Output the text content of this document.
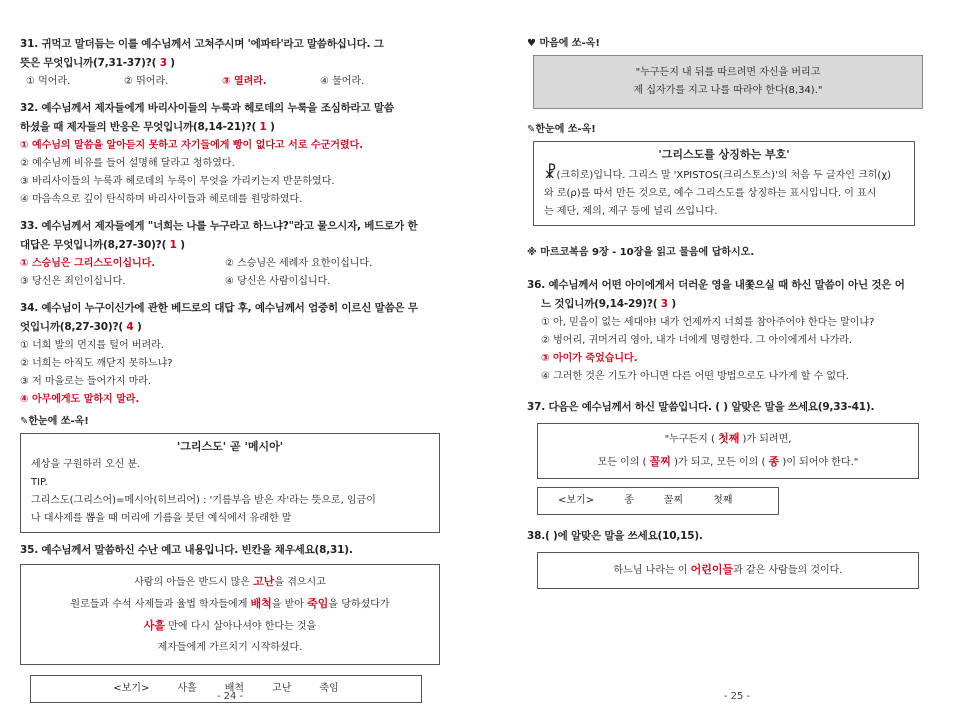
31. 귀먹고 말더듬는 이를 예수님께서 고쳐주시며 '에파타'라고 말씀하십니다. 그
뜻은 무엇입니까(7,31-37)?( 3 )
① 먹어라.	② 뛰어라.	③ 열려라.	④ 물어라.
32. 예수님께서 제자들에게 바리사이들의 누룩과 헤로데의 누룩을 조심하라고 말씀
하셨을 때 제자들의 반응은 무엇입니까(8,14-21)?( 1 )
① 예수님의 말씀을 알아듣지 못하고 자기들에게 빵이 없다고 서로 수군거렸다.
② 예수님께 비유를 들어 설명해 달라고 청하였다.
③ 바리사이들의 누룩과 헤로데의 누룩이 무엇을 가리키는지 반문하였다.
④ 마음속으로 깊이 탄식하며 바리사이들과 헤로데를 원망하였다.
33. 예수님께서 제자들에게 "너희는 나를 누구라고 하느냐?"라고 물으시자, 베드로가 한
대답은 무엇입니까(8,27-30)?( 1 )
① 스승님은 그리스도이십니다.	② 스승님은 세례자 요한이십니다.
③ 당신은 죄인이십니다.	④ 당신은 사람이십니다.
34. 예수님이 누구이신가에 관한 베드로의 대답 후, 예수님께서 엄중히 이르신 말씀은 무
엇입니까(8,27-30)?( 4 )
① 너희 발의 먼지를 털어 버려라.
② 너희는 아직도 깨닫지 못하느냐?
③ 저 마을로는 들어가지 마라.
④ 아무에게도 말하지 말라.
✎한눈에 쏘-옥!
'그리스도' 곧 '메시아'
세상을 구원하러 오신 분.
TIP.
그리스도(그리스어)=메시아(히브리어) : '기름부음 받은 자'라는 뜻으로, 임금이
나 대사제를 뽑을 때 머리에 기름을 붓던 예식에서 유래한 말
35. 예수님께서 말씀하신 수난 예고 내용입니다. 빈칸을 채우세요(8,31).
사람의 아들은 반드시 많은 고난을 겪으시고
원로들과 수석 사제들과 율법 학자들에게 배척을 받아 죽임을 당하셨다가
사흘 만에 다시 살아나셔야 한다는 것을
제자들에게 가르치기 시작하셨다.
<보기>	사흘	배척	고난	죽임
- 24 -
♥ 마음에 쏘-옥!
"누구든지 내 뒤를 따르려면 자신을 버리고
제 십자가를 지고 나를 따라야 한다(8,34)."
✎한눈에 쏘-옥!
'그리스도를 상징하는 부호'
☧(크히로)입니다. 그리스 말 'XPISTOS(크리스토스)'의 처음 두 글자인 크히(χ)
와 로(ρ)를 따서 만든 것으로, 예수 그리스도를 상징하는 표시입니다. 이 표시
는 제단, 제의, 제구 등에 널리 쓰입니다.
※ 마르코복음 9장 - 10장을 읽고 물음에 답하시오.
36. 예수님께서 어떤 아이에게서 더러운 영을 내쫓으실 때 하신 말씀이 아닌 것은 어
느 것입니까(9,14-29)?( 3 )
① 아, 믿음이 없는 세대야! 내가 언제까지 너희를 참아주어야 한다는 말이냐?
② 벙어리, 귀머거리 영아, 내가 너에게 명령한다. 그 아이에게서 나가라.
③ 아이가 죽었습니다.
④ 그러한 것은 기도가 아니면 다른 어떤 방법으로도 나가게 할 수 없다.
37. 다음은 예수님께서 하신 말씀입니다. ( ) 알맞은 말을 쓰세요(9,33-41).
"누구든지 ( 첫째 )가 되려면,
모든 이의 ( 꼴찌 )가 되고, 모든 이의 ( 종 )이 되어야 한다."
<보기>	종	꼴찌	첫째
38.( )에 알맞은 말을 쓰세요(10,15).
하느님 나라는 이 어린이들과 같은 사람들의 것이다.
- 25 -
